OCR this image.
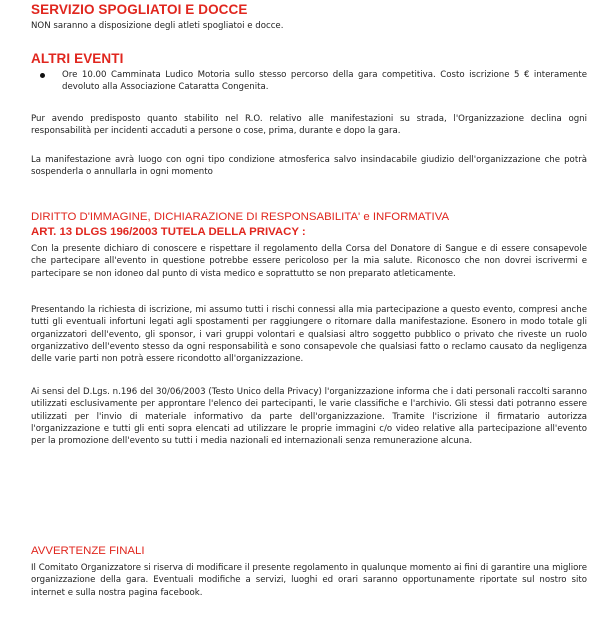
SERVIZIO SPOGLIATOI E DOCCE
NON saranno a disposizione degli atleti spogliatoi e docce.
ALTRI EVENTI
Ore 10.00 Camminata Ludico Motoria sullo stesso percorso della gara competitiva. Costo iscrizione 5 € interamente devoluto alla Associazione Cataratta Congenita.
Pur avendo predisposto quanto stabilito nel R.O. relativo alle manifestazioni su strada, l'Organizzazione declina ogni responsabilità per incidenti accaduti a persone o cose, prima, durante e dopo la gara.
La manifestazione avrà luogo con ogni tipo condizione atmosferica salvo insindacabile giudizio dell'organizzazione che potrà sospenderla o annullarla in ogni momento
DIRITTO D'IMMAGINE, DICHIARAZIONE DI RESPONSABILITA' e INFORMATIVA
ART. 13 DLGS 196/2003 TUTELA DELLA PRIVACY :
Con la presente dichiaro di conoscere e rispettare il regolamento della Corsa del Donatore di Sangue e di essere consapevole che partecipare all'evento in questione potrebbe essere pericoloso per la mia salute. Riconosco che non dovrei iscrivermi e partecipare se non idoneo dal punto di vista medico e soprattutto se non preparato atleticamente.
Presentando la richiesta di iscrizione, mi assumo tutti i rischi connessi alla mia partecipazione a questo evento, compresi anche tutti gli eventuali infortuni legati agli spostamenti per raggiungere o ritornare dalla manifestazione. Esonero in modo totale gli organizzatori dell'evento, gli sponsor, i vari gruppi volontari e qualsiasi altro soggetto pubblico o privato che riveste un ruolo organizzativo dell'evento stesso da ogni responsabilità e sono consapevole che qualsiasi fatto o reclamo causato da negligenza delle varie parti non potrà essere ricondotto all'organizzazione.
Ai sensi del D.Lgs. n.196 del 30/06/2003 (Testo Unico della Privacy) l'organizzazione informa che i dati personali raccolti saranno utilizzati esclusivamente per approntare l'elenco dei partecipanti, le varie classifiche e l'archivio. Gli stessi dati potranno essere utilizzati per l'invio di materiale informativo da parte dell'organizzazione. Tramite l'iscrizione il firmatario autorizza l'organizzazione e tutti gli enti sopra elencati ad utilizzare le proprie immagini c/o video relative alla partecipazione all'evento per la promozione dell'evento su tutti i media nazionali ed internazionali senza remunerazione alcuna.
AVVERTENZE FINALI
Il Comitato Organizzatore si riserva di modificare il presente regolamento in qualunque momento ai fini di garantire una migliore organizzazione della gara. Eventuali modifiche a servizi, luoghi ed orari saranno opportunamente riportate sul nostro sito internet e sulla nostra pagina facebook.
